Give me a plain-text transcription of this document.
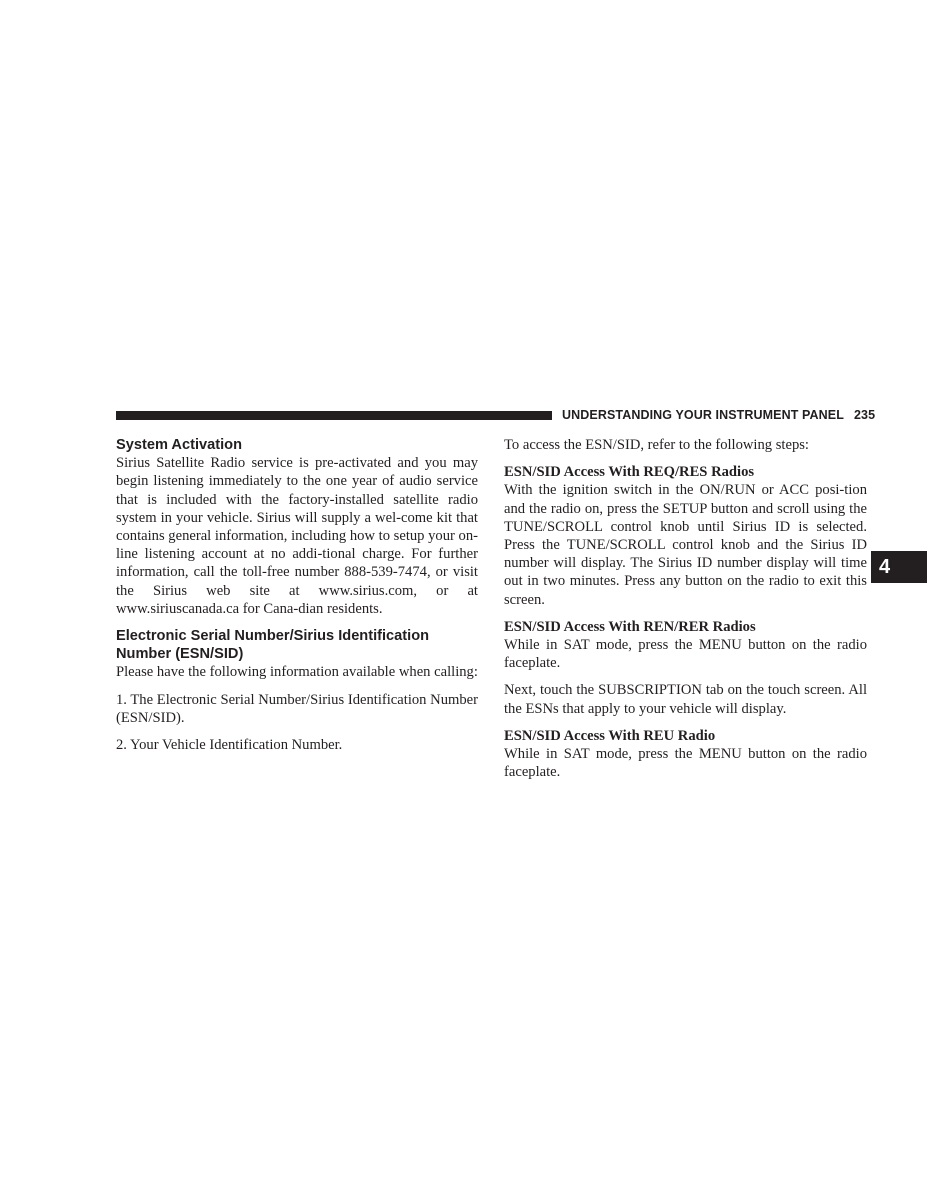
UNDERSTANDING YOUR INSTRUMENT PANEL 235
System Activation

Sirius Satellite Radio service is pre-activated and you may begin listening immediately to the one year of audio service that is included with the factory-installed satellite radio system in your vehicle. Sirius will supply a wel-come kit that contains general information, including how to setup your on-line listening account at no addi-tional charge. For further information, call the toll-free number 888-539-7474, or visit the Sirius web site at www.sirius.com, or at www.siriuscanada.ca for Cana-dian residents.

Electronic Serial Number/Sirius Identification Number (ESN/SID)

Please have the following information available when calling:

1. The Electronic Serial Number/Sirius Identification Number (ESN/SID).

2. Your Vehicle Identification Number.

To access the ESN/SID, refer to the following steps:

ESN/SID Access With REQ/RES Radios

With the ignition switch in the ON/RUN or ACC posi-tion and the radio on, press the SETUP button and scroll using the TUNE/SCROLL control knob until Sirius ID is selected. Press the TUNE/SCROLL control knob and the Sirius ID number will display. The Sirius ID number display will time out in two minutes. Press any button on the radio to exit this screen.

ESN/SID Access With REN/RER Radios

While in SAT mode, press the MENU button on the radio faceplate.

Next, touch the SUBSCRIPTION tab on the touch screen. All the ESNs that apply to your vehicle will display.

ESN/SID Access With REU Radio

While in SAT mode, press the MENU button on the radio faceplate.

4
